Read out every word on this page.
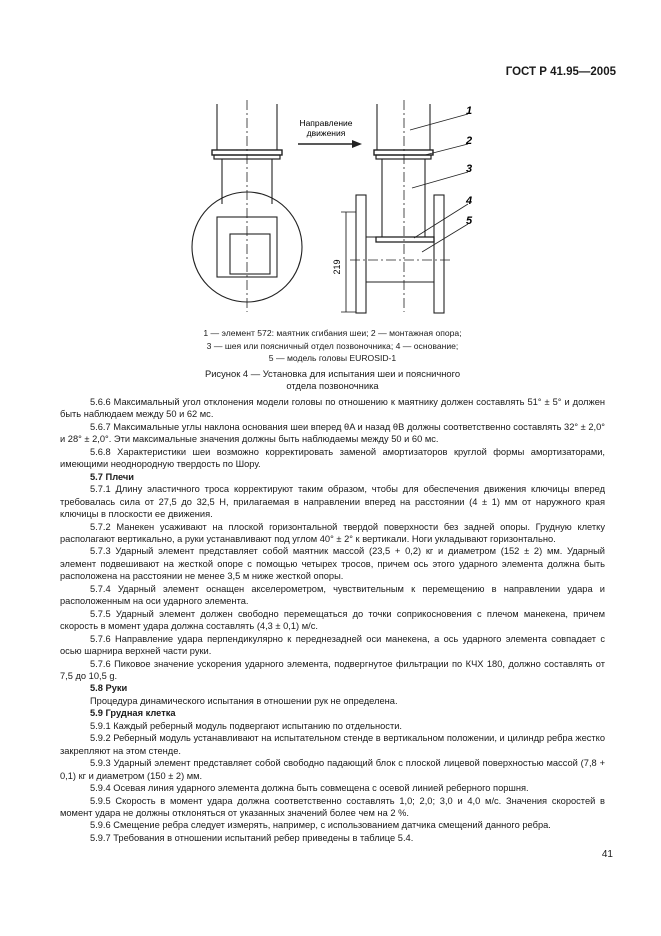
ГОСТ Р 41.95—2005
Направление
движения
1
2
3
4
5
219
1 — элемент 572: маятник сгибания шеи; 2 — монтажная опора;
3 — шея или поясничный отдел позвоночника; 4 — основание;
5 — модель головы EUROSID-1
Рисунок 4 — Установка для испытания шеи и поясничного
отдела позвоночника

5.6.6 Максимальный угол отклонения модели головы по отношению к маятнику должен составлять 51° ± 5° и должен быть наблюдаем между 50 и 62 мс.

5.6.7 Максимальные углы наклона основания шеи вперед θA и назад θB должны соответственно составлять 32° ± 2,0° и 28° ± 2,0°. Эти максимальные значения должны быть наблюдаемы между 50 и 60 мс.

5.6.8 Характеристики шеи возможно корректировать заменой амортизаторов круглой формы амортизаторами, имеющими неоднородную твердость по Шору.

5.7 Плечи

5.7.1 Длину эластичного троса корректируют таким образом, чтобы для обеспечения движения ключицы вперед требовалась сила от 27,5 до 32,5 Н, прилагаемая в направлении вперед на расстоянии (4 ± 1) мм от наружного края ключицы в плоскости ее движения.

5.7.2 Манекен усаживают на плоской горизонтальной твердой поверхности без задней опоры. Грудную клетку располагают вертикально, а руки устанавливают под углом 40° ± 2° к вертикали. Ноги укладывают горизонтально.

5.7.3 Ударный элемент представляет собой маятник массой (23,5 + 0,2) кг и диаметром (152 ± 2) мм. Ударный элемент подвешивают на жесткой опоре с помощью четырех тросов, причем ось этого ударного элемента должна быть расположена на расстоянии не менее 3,5 м ниже жесткой опоры.

5.7.4 Ударный элемент оснащен акселерометром, чувствительным к перемещению в направлении удара и расположенным на оси ударного элемента.

5.7.5 Ударный элемент должен свободно перемещаться до точки соприкосновения с плечом манекена, причем скорость в момент удара должна составлять (4,3 ± 0,1) м/с.

5.7.6 Направление удара перпендикулярно к переднезадней оси манекена, а ось ударного элемента совпадает с осью шарнира верхней части руки.

5.7.6 Пиковое значение ускорения ударного элемента, подвергнутое фильтрации по КЧХ 180, должно составлять от 7,5 до 10,5 g.

5.8 Руки

Процедура динамического испытания в отношении рук не определена.

5.9 Грудная клетка

5.9.1 Каждый реберный модуль подвергают испытанию по отдельности.

5.9.2 Реберный модуль устанавливают на испытательном стенде в вертикальном положении, и цилиндр ребра жестко закрепляют на этом стенде.

5.9.3 Ударный элемент представляет собой свободно падающий блок с плоской лицевой поверхностью массой (7,8 + 0,1) кг и диаметром (150 ± 2) мм.

5.9.4 Осевая линия ударного элемента должна быть совмещена с осевой линией реберного поршня.

5.9.5 Скорость в момент удара должна соответственно составлять 1,0; 2,0; 3,0 и 4,0 м/с. Значения скоростей в момент удара не должны отклоняться от указанных значений более чем на 2 %.

5.9.6 Смещение ребра следует измерять, например, с использованием датчика смещений данного ребра.

5.9.7 Требования в отношении испытаний ребер приведены в таблице 5.4.

41
